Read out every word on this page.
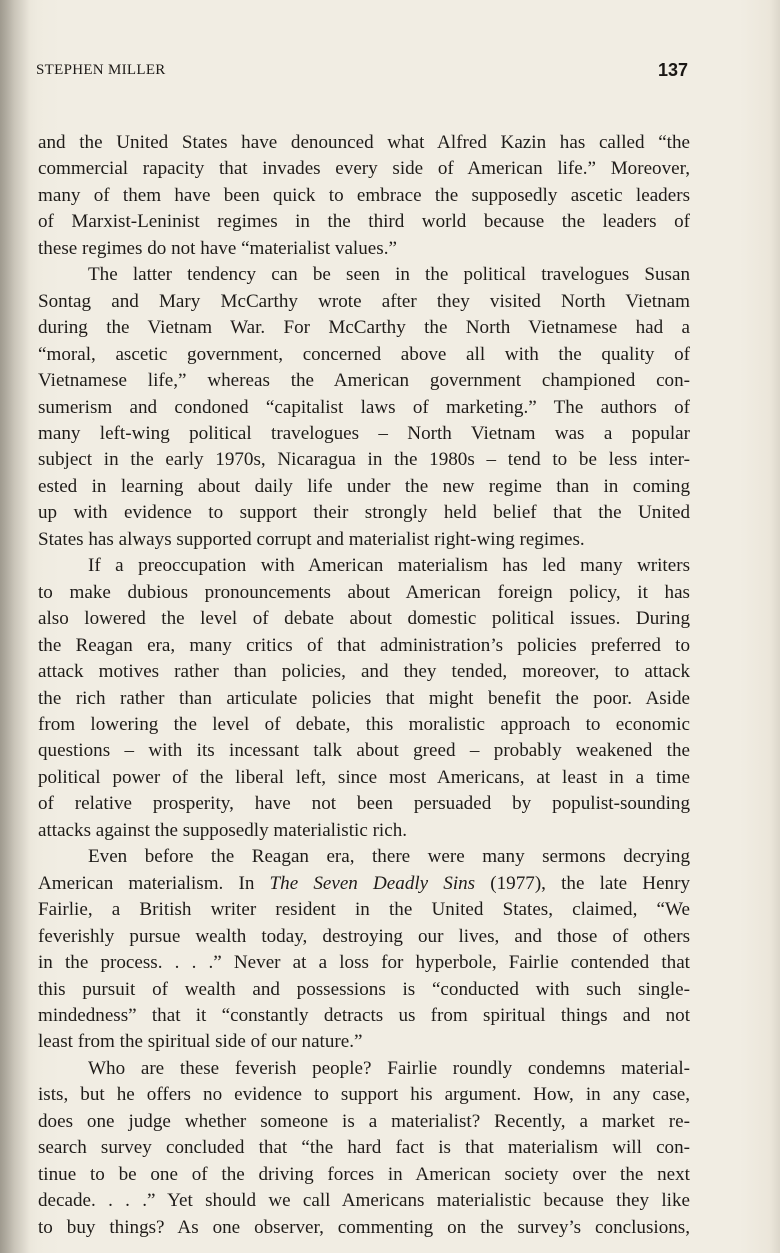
STEPHEN MILLER	137

and the United States have denounced what Alfred Kazin has called “the
commercial rapacity that invades every side of American life.” Moreover,
many of them have been quick to embrace the supposedly ascetic leaders
of Marxist-Leninist regimes in the third world because the leaders of
these regimes do not have “materialist values.”

The latter tendency can be seen in the political travelogues Susan
Sontag and Mary McCarthy wrote after they visited North Vietnam
during the Vietnam War. For McCarthy the North Vietnamese had a
“moral, ascetic government, concerned above all with the quality of
Vietnamese life,” whereas the American government championed con-
sumerism and condoned “capitalist laws of marketing.” The authors of
many left-wing political travelogues – North Vietnam was a popular
subject in the early 1970s, Nicaragua in the 1980s – tend to be less inter-
ested in learning about daily life under the new regime than in coming
up with evidence to support their strongly held belief that the United
States has always supported corrupt and materialist right-wing regimes.

If a preoccupation with American materialism has led many writers
to make dubious pronouncements about American foreign policy, it has
also lowered the level of debate about domestic political issues. During
the Reagan era, many critics of that administration’s policies preferred to
attack motives rather than policies, and they tended, moreover, to attack
the rich rather than articulate policies that might benefit the poor. Aside
from lowering the level of debate, this moralistic approach to economic
questions – with its incessant talk about greed – probably weakened the
political power of the liberal left, since most Americans, at least in a time
of relative prosperity, have not been persuaded by populist-sounding
attacks against the supposedly materialistic rich.

Even before the Reagan era, there were many sermons decrying
American materialism. In The Seven Deadly Sins (1977), the late Henry
Fairlie, a British writer resident in the United States, claimed, “We
feverishly pursue wealth today, destroying our lives, and those of others
in the process. . . .” Never at a loss for hyperbole, Fairlie contended that
this pursuit of wealth and possessions is “conducted with such single-
mindedness” that it “constantly detracts us from spiritual things and not
least from the spiritual side of our nature.”

Who are these feverish people? Fairlie roundly condemns material-
ists, but he offers no evidence to support his argument. How, in any case,
does one judge whether someone is a materialist? Recently, a market re-
search survey concluded that “the hard fact is that materialism will con-
tinue to be one of the driving forces in American society over the next
decade. . . .” Yet should we call Americans materialistic because they like
to buy things? As one observer, commenting on the survey’s conclusions,
